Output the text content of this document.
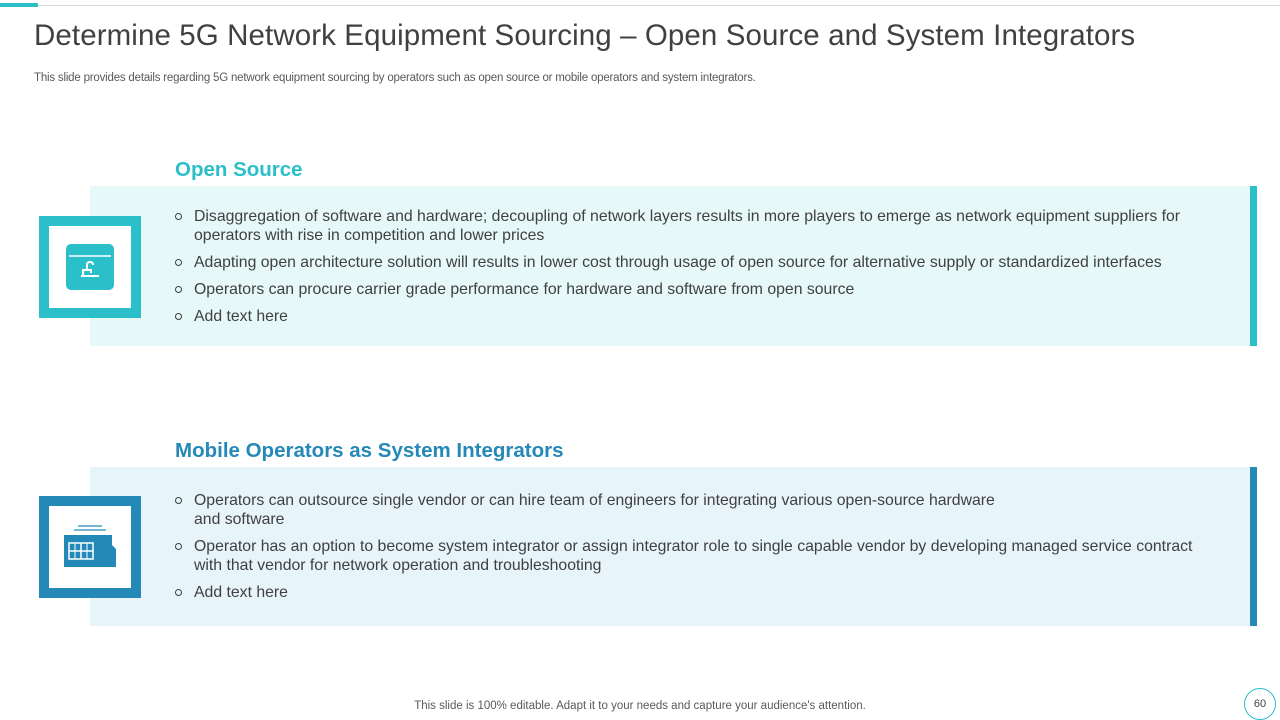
Determine 5G Network Equipment Sourcing – Open Source and System Integrators
This slide provides details regarding 5G network equipment sourcing by operators such as open source or mobile operators and system integrators.
Open Source
Disaggregation of software and hardware; decoupling of network layers results in more players to emerge as network equipment suppliers for operators with rise in competition and lower prices
Adapting open architecture solution will results in lower cost through usage of open source for alternative supply or standardized interfaces
Operators can procure carrier grade performance for hardware and software from open source
Add text here
Mobile Operators as System Integrators
Operators can outsource single vendor or can hire team of engineers for integrating various open-source hardware and software
Operator has an option to become system integrator or assign integrator role to single capable vendor by developing managed service contract with that vendor for network operation and troubleshooting
Add text here
This slide is 100% editable. Adapt it to your needs and capture your audience's attention.	60
